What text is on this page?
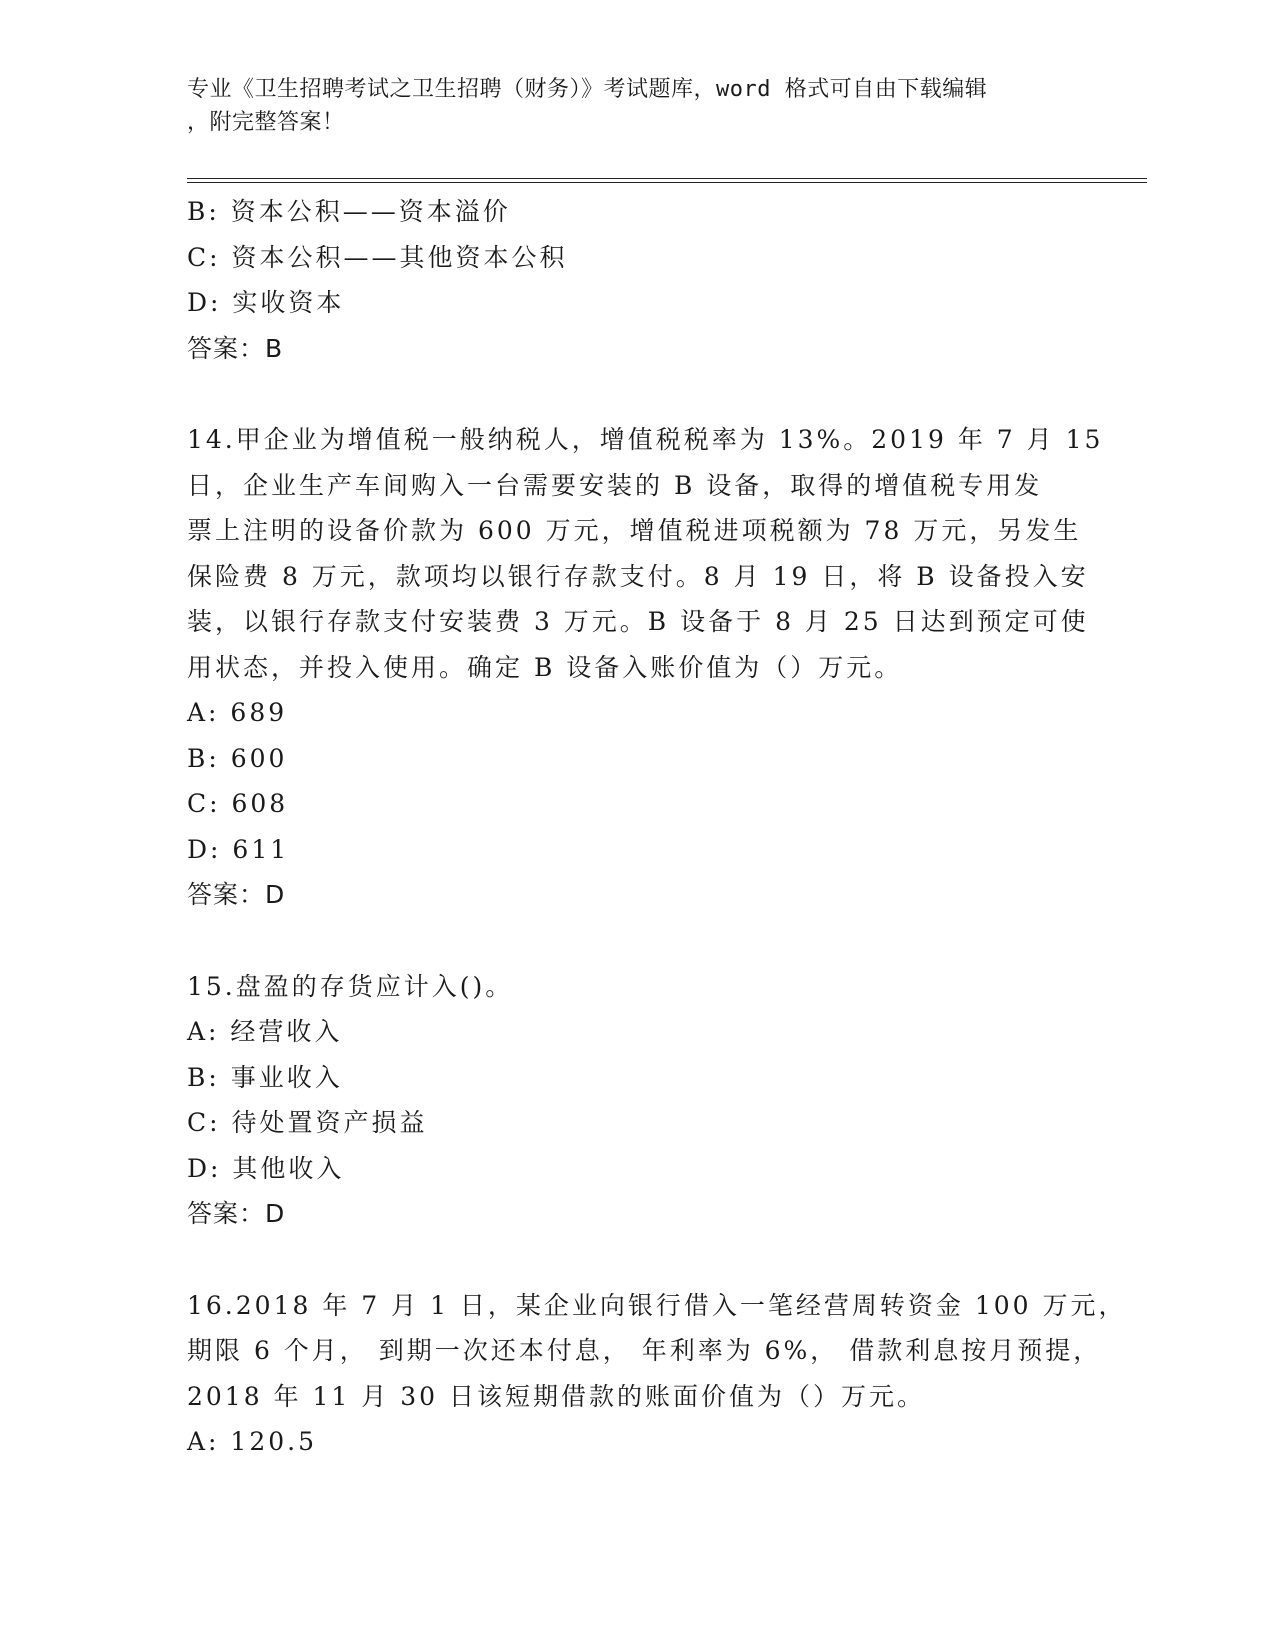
专业《卫生招聘考试之卫生招聘（财务）》考试题库，word 格式可自由下载编辑
，附完整答案！
B: 资本公积——资本溢价
C: 资本公积——其他资本公积
D: 实收资本
答案：B
14.甲企业为增值税一般纳税人，增值税税率为 13%。2019 年 7 月 15
日，企业生产车间购入一台需要安装的 B 设备，取得的增值税专用发
票上注明的设备价款为 600 万元，增值税进项税额为 78 万元，另发生
保险费 8 万元，款项均以银行存款支付。8 月 19 日，将 B 设备投入安
装，以银行存款支付安装费 3 万元。B 设备于 8 月 25 日达到预定可使
用状态，并投入使用。确定 B 设备入账价值为（）万元。
A: 689
B: 600
C: 608
D: 611
答案：D
15.盘盈的存货应计入()。
A: 经营收入
B: 事业收入
C: 待处置资产损益
D: 其他收入
答案：D
16.2018 年 7 月 1 日，某企业向银行借入一笔经营周转资金 100 万元，
期限 6 个月， 到期一次还本付息， 年利率为 6%， 借款利息按月预提，
2018 年 11 月 30 日该短期借款的账面价值为（）万元。
A: 120.5
